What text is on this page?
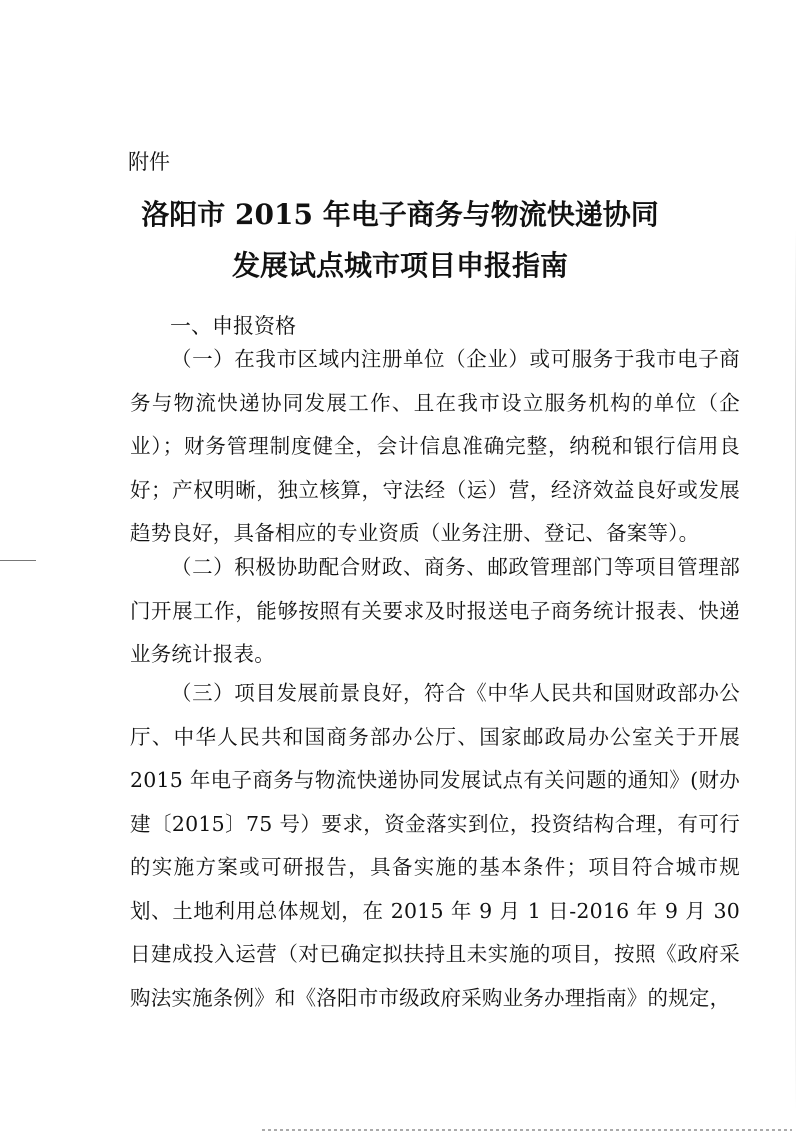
附件
洛阳市 2015 年电子商务与物流快递协同
发展试点城市项目申报指南
一、申报资格
（一）在我市区域内注册单位（企业）或可服务于我市电子商务与物流快递协同发展工作、且在我市设立服务机构的单位（企业）；财务管理制度健全，会计信息准确完整，纳税和银行信用良好；产权明晰，独立核算，守法经（运）营，经济效益良好或发展趋势良好，具备相应的专业资质（业务注册、登记、备案等）。
（二）积极协助配合财政、商务、邮政管理部门等项目管理部门开展工作，能够按照有关要求及时报送电子商务统计报表、快递业务统计报表。
（三）项目发展前景良好，符合《中华人民共和国财政部办公厅、中华人民共和国商务部办公厅、国家邮政局办公室关于开展 2015 年电子商务与物流快递协同发展试点有关问题的通知》(财办建〔2015〕75 号）要求，资金落实到位，投资结构合理，有可行的实施方案或可研报告，具备实施的基本条件；项目符合城市规划、土地利用总体规划，在 2015 年 9 月 1 日-2016 年 9 月 30 日建成投入运营（对已确定拟扶持且未实施的项目，按照《政府采购法实施条例》和《洛阳市市级政府采购业务办理指南》的规定，
